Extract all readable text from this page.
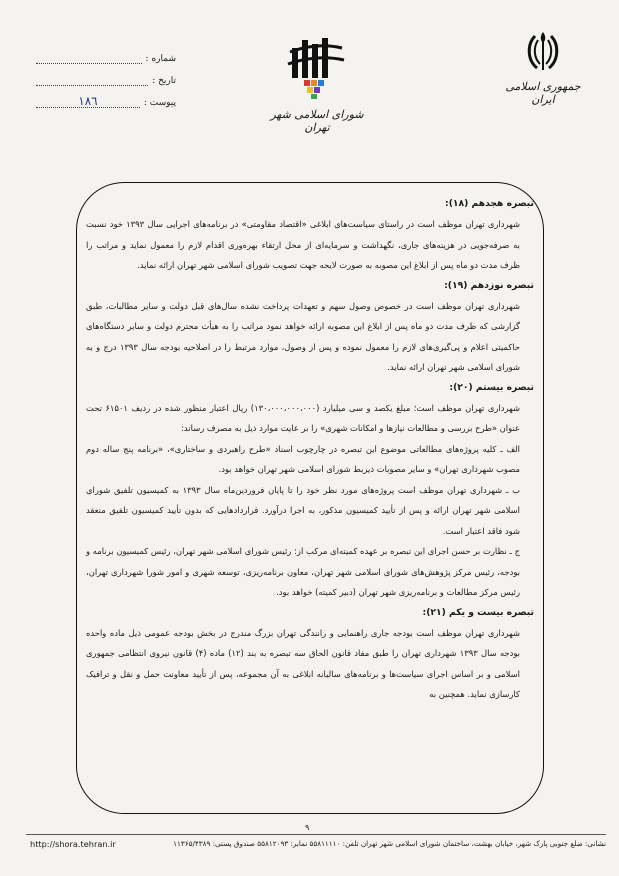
جمهوری اسلامی ایران
شورای اسلامی شهر تهران
شماره :
تاریخ :
پیوست :
١٨٦
تبصره هجدهم (۱۸):

شهرداری تهران موظف است در راستای سیاست‌های ابلاغی «اقتصاد مقاومتی» در برنامه‌های اجرایی سال ۱۳۹۳ خود نسبت به صرفه‌جویی در هزینه‌های جاری، نگهداشت و سرمایه‌ای از محل ارتقاء بهره‌وری اقدام لازم را معمول نماید و مراتب را ظرف مدت دو ماه پس از ابلاغ این مصوبه به صورت لایحه جهت تصویب شورای اسلامی شهر تهران ارائه نماید.

تبصره نوزدهم (۱۹):

شهرداری تهران موظف است در خصوص وصول سهم و تعهدات پرداخت نشده سال‌های قبل دولت و سایر مطالبات، طبق گزارشی که ظرف مدت دو ماه پس از ابلاغ این مصوبه ارائه خواهد نمود مراتب را به هیأت محترم دولت و سایر دستگاه‌های حاکمیتی اعلام و پی‌گیری‌های لازم را معمول نموده و پس از وصول، موارد مرتبط را در اصلاحیه بودجه سال ۱۳۹۳ درج و به شورای اسلامی شهر تهران ارائه نماید.

تبصره بیستم (۲۰):

شهرداری تهران موظف است؛ مبلغ یکصد و سی میلیارد (۱۳۰،۰۰۰،۰۰۰،۰۰۰) ریال اعتبار منظور شده در ردیف ۶۱۵۰۱ تحت عنوان «طرح بررسی و مطالعات نیازها و امکانات شهری» را بر عایت موارد ذیل به مصرف رساند:

الف ـ کلیه پروژه‌های مطالعاتی موضوع این تبصره در چارچوب اسناد «طرح راهبردی و ساختاری»، «برنامه پنج ساله دوم مصوب شهرداری تهران» و سایر مصوبات ذیربط شورای اسلامی شهر تهران خواهد بود.

ب ـ شهرداری تهران موظف است پروژه‌های مورد نظر خود را تا پایان فروردین‌ماه سال ۱۳۹۳ به کمیسیون تلفیق شورای اسلامی شهر تهران ارائه و پس از تأیید کمیسیون مذکور، به اجرا درآورد. قراردادهایی که بدون تأیید کمیسیون تلفیق منعقد شود فاقد اعتبار است.

ج ـ نظارت بر حسن اجرای این تبصره بر عهده کمیته‌ای مرکب از: رئیس شورای اسلامی شهر تهران، رئیس کمیسیون برنامه و بودجه، رئیس مرکز پژوهش‌های شورای اسلامی شهر تهران، معاون برنامه‌ریزی، توسعه شهری و امور شورا شهرداری تهران، رئیس مرکز مطالعات و برنامه‌ریزی شهر تهران (دبیر کمیته) خواهد بود.

تبصره بیست و یکم (۲۱):

شهرداری تهران موظف است بودجه جاری راهنمایی و رانندگی تهران بزرگ مندرج در بخش بودجه عمومی ذیل ماده واحده بودجه سال ۱۳۹۳ شهرداری تهران را طبق مفاد قانون الحاق سه تبصره به بند (۱۲) ماده (۴) قانون نیروی انتظامی جمهوری اسلامی و بر اساس اجرای سیاست‌ها و برنامه‌های سالیانه ابلاغی به آن مجموعه، پس از تأیید معاونت حمل و نقل و ترافیک کارسازی نماید. همچنین به

۹
نشانی: ضلع جنوبی پارک شهر، خیابان بهشت، ساختمان شورای اسلامی شهر تهران تلفن: ۵۵۸۱۱۱۱۰ نمابر: ۵۵۸۱۲۰۹۳ صندوق پستی: ۱۱۳۶۵/۴۳۸۹
http://shora.tehran.ir
